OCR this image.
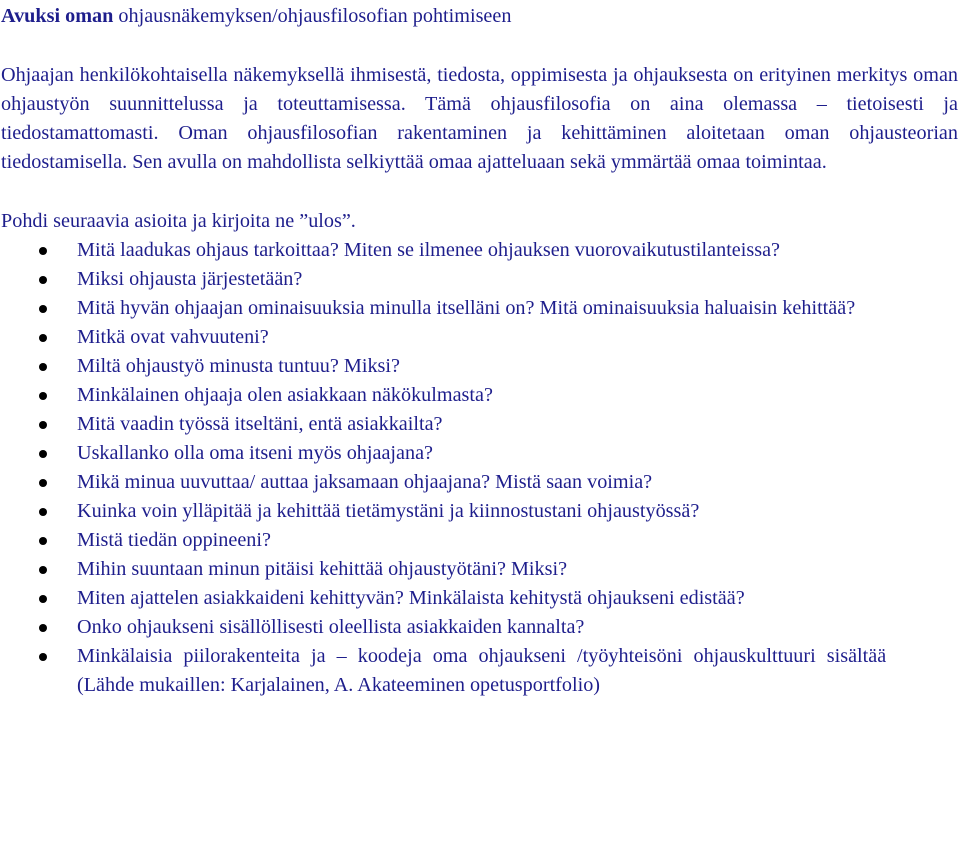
Avuksi oman ohjausnäkemyksen/ohjausfilosofian pohtimiseen

Ohjaajan henkilökohtaisella näkemyksellä ihmisestä, tiedosta, oppimisesta ja ohjauksesta on erityinen merkitys oman ohjaustyön suunnittelussa ja toteuttamisessa. Tämä ohjausfilosofia on aina olemassa – tietoisesti ja tiedostamattomasti. Oman ohjausfilosofian rakentaminen ja kehittäminen aloitetaan oman ohjausteorian tiedostamisella. Sen avulla on mahdollista selkiyttää omaa ajatteluaan sekä ymmärtää omaa toimintaa.

Pohdi seuraavia asioita ja kirjoita ne ”ulos”.

Mitä laadukas ohjaus tarkoittaa? Miten se ilmenee ohjauksen vuorovaikutustilanteissa?
Miksi ohjausta järjestetään?
Mitä hyvän ohjaajan ominaisuuksia minulla itselläni on? Mitä ominaisuuksia haluaisin kehittää?
Mitkä ovat vahvuuteni?
Miltä ohjaustyö minusta tuntuu? Miksi?
Minkälainen ohjaaja olen asiakkaan näkökulmasta?
Mitä vaadin työssä itseltäni, entä asiakkailta?
Uskallanko olla oma itseni myös ohjaajana?
Mikä minua uuvuttaa/ auttaa jaksamaan ohjaajana? Mistä saan voimia?
Kuinka voin ylläpitää ja kehittää tietämystäni ja kiinnostustani ohjaustyössä?
Mistä tiedän oppineeni?
Mihin suuntaan minun pitäisi kehittää ohjaustyötäni? Miksi?
Miten ajattelen asiakkaideni kehittyvän? Minkälaista kehitystä ohjaukseni edistää?
Onko ohjaukseni sisällöllisesti oleellista asiakkaiden kannalta?
Minkälaisia piilorakenteita ja – koodeja oma ohjaukseni /työyhteisöni ohjauskulttuuri sisältää
(Lähde mukaillen: Karjalainen, A. Akateeminen opetusportfolio)
